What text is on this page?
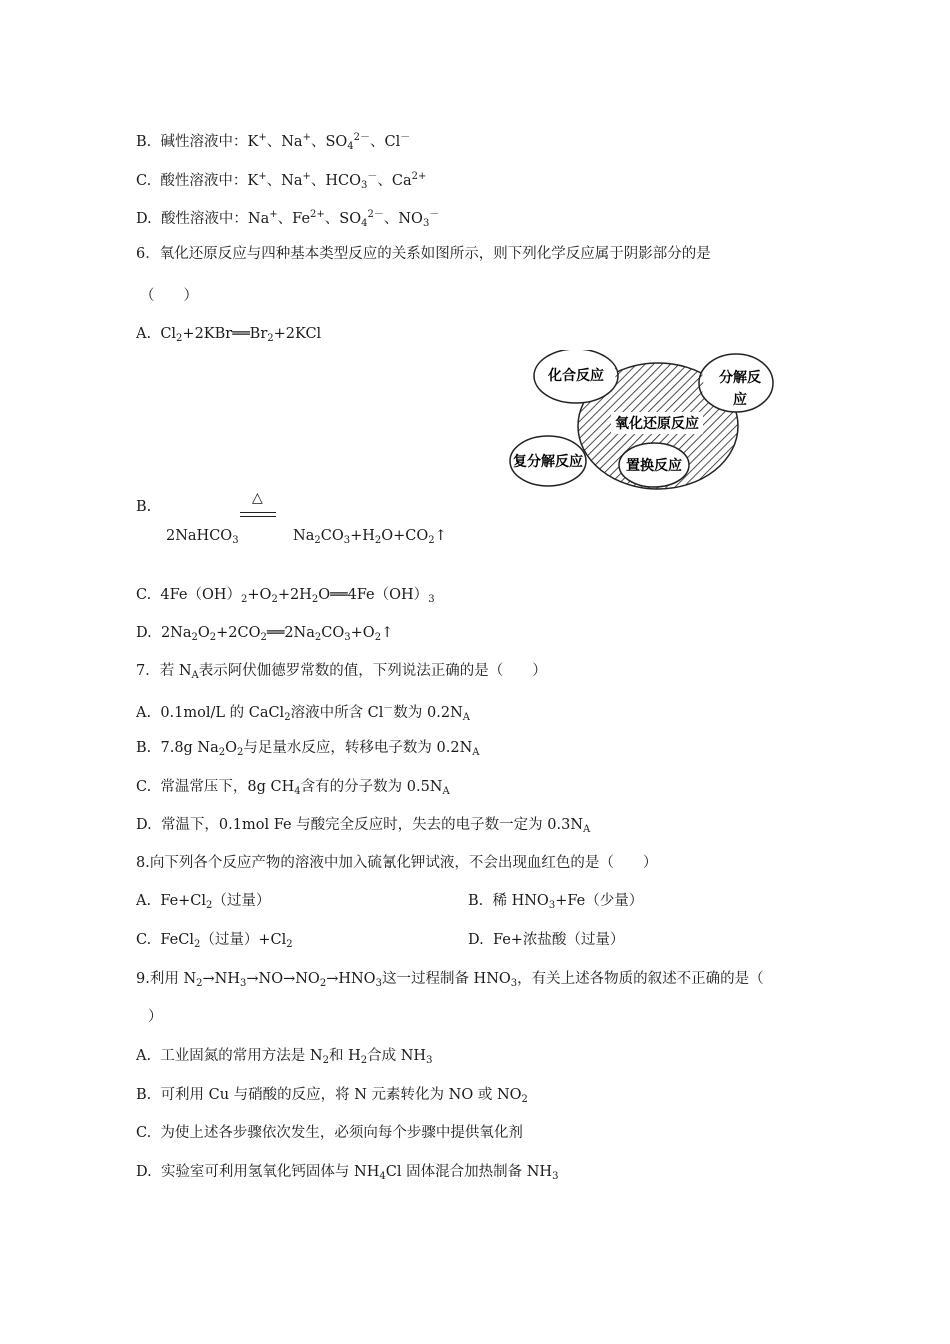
B. 碱性溶液中：K+、Na+、$SO_4^{2-}$、Cl－
C. 酸性溶液中：K+、Na+、$HCO_3^-$、$Ca^{2+}$
D. 酸性溶液中：Na+、$Fe^{2+}$、$SO_4^{2-}$、$NO_3^-$
6．氧化还原反应与四种基本类型反应的关系如图所示，则下列化学反应属于阴影部分的是
（　　）
A. $Cl_2+2KBr══Br_2+2KCl$
化合反应	分解反
应
氧化还原反应
复分解反应	置换反应
B.
△
2NaHCO$_3$	$Na_2CO_3+H_2O+CO_2↑$
C. $4Fe(OH)_2+O_2+2H_2O══4Fe(OH)_3$
D. $2Na_2O_2+2CO_2══2Na_2CO_3+O_2↑$
7．若 $N_A$表示阿伏伽德罗常数的值，下列说法正确的是（　　）
A. 0.1mol/L 的 CaCl$_2$溶液中所含 Cl－数为 $0.2N_A$
B. 7.8g $Na_2O_2$与足量水反应，转移电子数为 $0.2N_A$
C. 常温常压下，8g $CH_4$含有的分子数为 $0.5N_A$
D. 常温下，0.1mol Fe 与酸完全反应时，失去的电子数一定为 $0.3N_A$
8.向下列各个反应产物的溶液中加入硫氰化钾试液，不会出现血红色的是（　　）
A. $Fe+Cl_2$（过量）	B. 稀 $HNO_3+Fe$（少量）
C. FeCl$_2$（过量）$+Cl_2$	D. Fe+浓盐酸（过量）
9.利用 $N_2\to NH_3\to NO\to NO_2\to HNO_3$这一过程制备 $HNO_3$，有关上述各物质的叙述不正确的是（
）
A. 工业固氮的常用方法是 $N_2$和 $H_2$合成 $NH_3$
B. 可利用 Cu 与硝酸的反应，将 N 元素转化为 NO 或 $NO_2$
C. 为使上述各步骤依次发生，必须向每个步骤中提供氧化剂
D. 实验室可利用氢氧化钙固体与 $NH_4Cl$ 固体混合加热制备 $NH_3$
